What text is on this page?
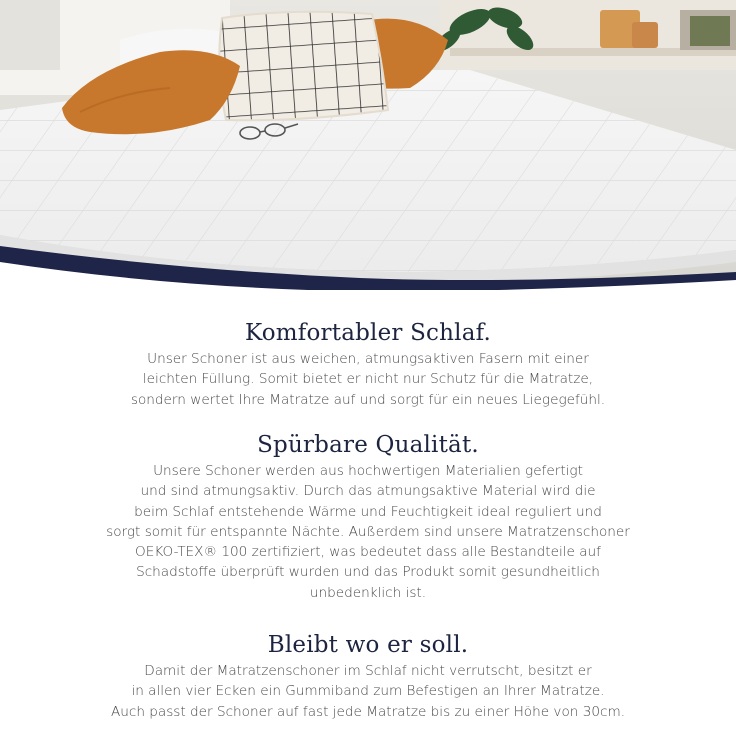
Komfortabler Schlaf.

Unser Schoner ist aus weichen, atmungsaktiven Fasern mit einer
leichten Füllung. Somit bietet er nicht nur Schutz für die Matratze,
sondern wertet Ihre Matratze auf und sorgt für ein neues Liegegefühl.

Spürbare Qualität.

Unsere Schoner werden aus hochwertigen Materialien gefertigt
und sind atmungsaktiv. Durch das atmungsaktive Material wird die
beim Schlaf entstehende Wärme und Feuchtigkeit ideal reguliert und
sorgt somit für entspannte Nächte. Außerdem sind unsere Matratzenschoner
OEKO-TEX® 100 zertifiziert, was bedeutet dass alle Bestandteile auf
Schadstoffe überprüft wurden und das Produkt somit gesundheitlich
unbedenklich ist.

Bleibt wo er soll.

Damit der Matratzenschoner im Schlaf nicht verrutscht, besitzt er
in allen vier Ecken ein Gummiband zum Befestigen an Ihrer Matratze.
Auch passt der Schoner auf fast jede Matratze bis zu einer Höhe von 30cm.
